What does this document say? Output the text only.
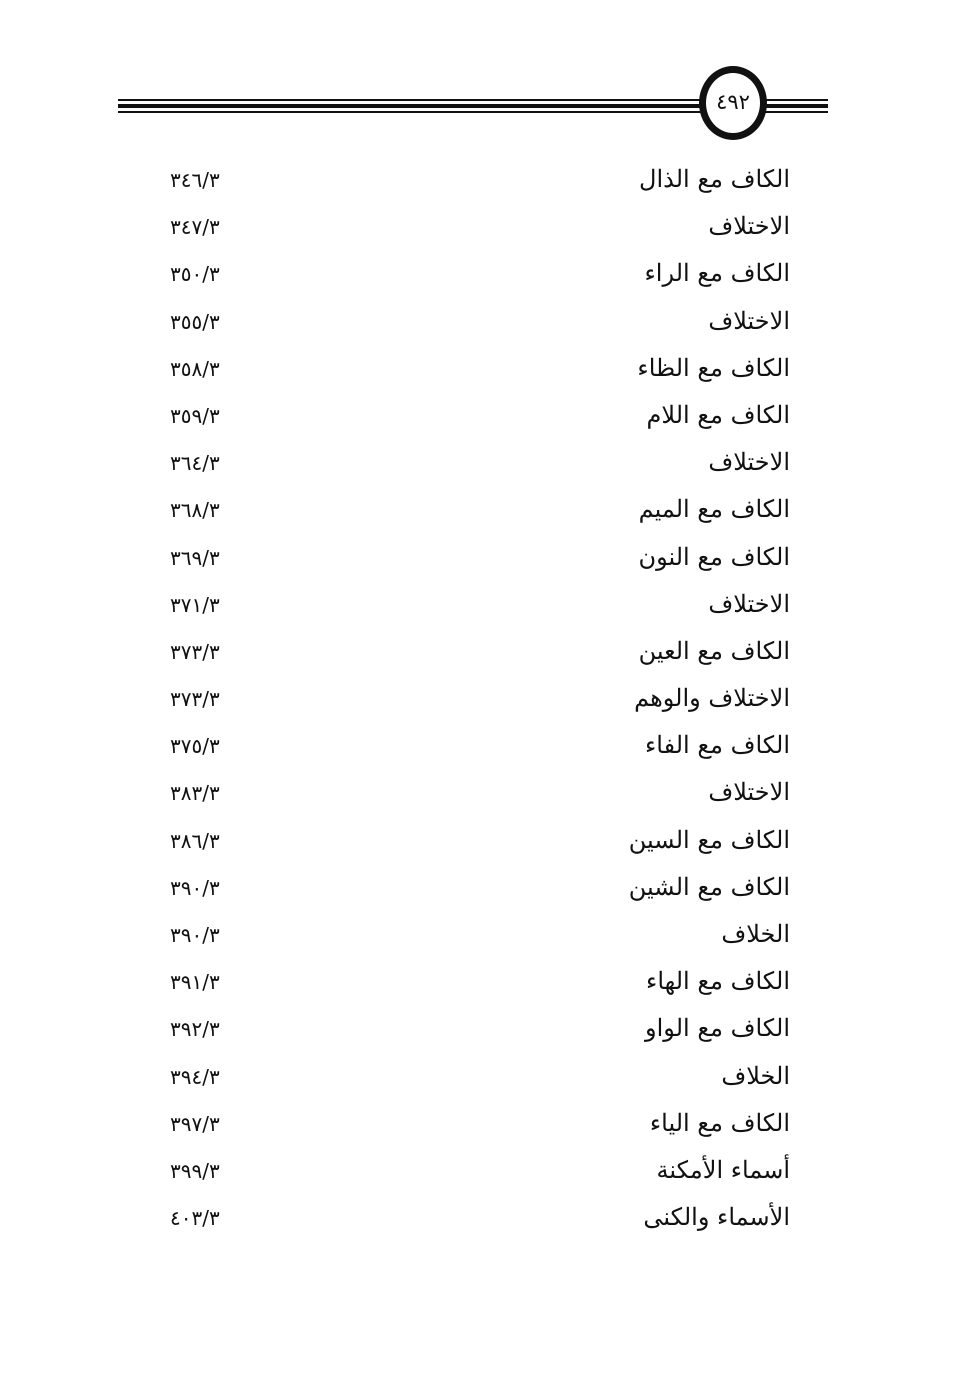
٤٩٢
الكاف مع الذال
٣٤٦/٣
الاختلاف
٣٤٧/٣
الكاف مع الراء
٣٥٠/٣
الاختلاف
٣٥٥/٣
الكاف مع الظاء
٣٥٨/٣
الكاف مع اللام
٣٥٩/٣
الاختلاف
٣٦٤/٣
الكاف مع الميم
٣٦٨/٣
الكاف مع النون
٣٦٩/٣
الاختلاف
٣٧١/٣
الكاف مع العين
٣٧٣/٣
الاختلاف والوهم
٣٧٣/٣
الكاف مع الفاء
٣٧٥/٣
الاختلاف
٣٨٣/٣
الكاف مع السين
٣٨٦/٣
الكاف مع الشين
٣٩٠/٣
الخلاف
٣٩٠/٣
الكاف مع الهاء
٣٩١/٣
الكاف مع الواو
٣٩٢/٣
الخلاف
٣٩٤/٣
الكاف مع الياء
٣٩٧/٣
أسماء الأمكنة
٣٩٩/٣
الأسماء والكنى
٤٠٣/٣
